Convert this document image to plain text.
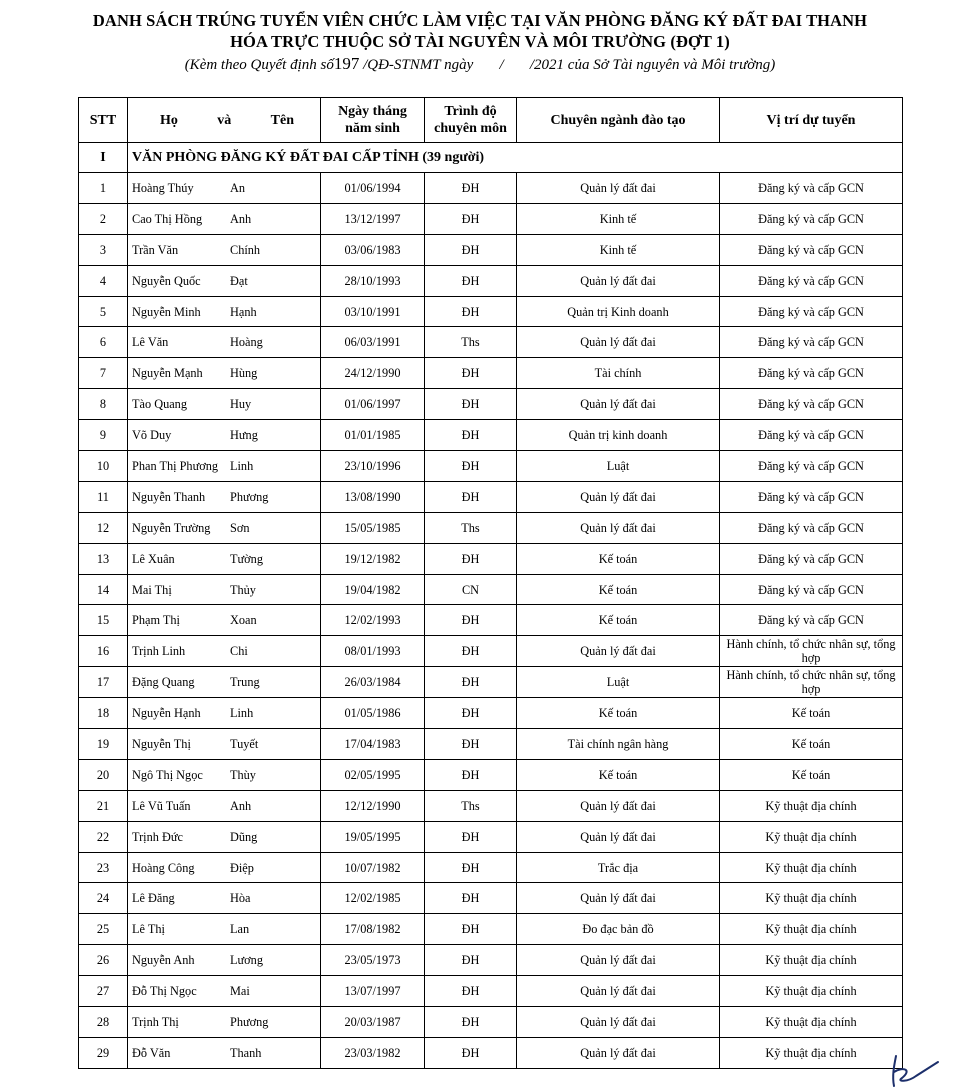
DANH SÁCH TRÚNG TUYỂN VIÊN CHỨC LÀM VIỆC TẠI VĂN PHÒNG ĐĂNG KÝ ĐẤT ĐAI THANH
HÓA TRỰC THUỘC SỞ TÀI NGUYÊN VÀ MÔI TRƯỜNG (ĐỢT 1)
(Kèm theo Quyết định số197 /QĐ-STNMT ngày       /       /2021 của Sở Tài nguyên và Môi trường)
STT	Họ và Tên	Ngày tháng năm sinh	Trình độ chuyên môn	Chuyên ngành đào tạo	Vị trí dự tuyển
I	VĂN PHÒNG ĐĂNG KÝ ĐẤT ĐAI CẤP TỈNH (39 người)				
1	Hoàng Thúy An	01/06/1994	ĐH	Quản lý đất đai	Đăng ký và cấp GCN
2	Cao Thị Hồng Anh	13/12/1997	ĐH	Kinh tế	Đăng ký và cấp GCN
3	Trần Văn Chính	03/06/1983	ĐH	Kinh tế	Đăng ký và cấp GCN
4	Nguyễn Quốc Đạt	28/10/1993	ĐH	Quản lý đất đai	Đăng ký và cấp GCN
5	Nguyễn Minh Hạnh	03/10/1991	ĐH	Quản trị Kinh doanh	Đăng ký và cấp GCN
6	Lê Văn Hoàng	06/03/1991	Ths	Quản lý đất đai	Đăng ký và cấp GCN
7	Nguyễn Mạnh Hùng	24/12/1990	ĐH	Tài chính	Đăng ký và cấp GCN
8	Tào Quang Huy	01/06/1997	ĐH	Quản lý đất đai	Đăng ký và cấp GCN
9	Võ Duy Hưng	01/01/1985	ĐH	Quản trị kinh doanh	Đăng ký và cấp GCN
10	Phan Thị Phương Linh	23/10/1996	ĐH	Luật	Đăng ký và cấp GCN
11	Nguyễn Thanh Phương	13/08/1990	ĐH	Quản lý đất đai	Đăng ký và cấp GCN
12	Nguyễn Trường Sơn	15/05/1985	Ths	Quản lý đất đai	Đăng ký và cấp GCN
13	Lê Xuân Tường	19/12/1982	ĐH	Kế toán	Đăng ký và cấp GCN
14	Mai Thị Thủy	19/04/1982	CN	Kế toán	Đăng ký và cấp GCN
15	Phạm Thị Xoan	12/02/1993	ĐH	Kế toán	Đăng ký và cấp GCN
16	Trịnh Linh Chi	08/01/1993	ĐH	Quản lý đất đai	Hành chính, tổ chức nhân sự, tổng hợp
17	Đặng Quang Trung	26/03/1984	ĐH	Luật	Hành chính, tổ chức nhân sự, tổng hợp
18	Nguyễn Hạnh Linh	01/05/1986	ĐH	Kế toán	Kế toán
19	Nguyễn Thị Tuyết	17/04/1983	ĐH	Tài chính ngân hàng	Kế toán
20	Ngô Thị Ngọc Thùy	02/05/1995	ĐH	Kế toán	Kế toán
21	Lê Vũ Tuấn Anh	12/12/1990	Ths	Quản lý đất đai	Kỹ thuật địa chính
22	Trịnh Đức Dũng	19/05/1995	ĐH	Quản lý đất đai	Kỹ thuật địa chính
23	Hoàng Công Điệp	10/07/1982	ĐH	Trắc địa	Kỹ thuật địa chính
24	Lê Đăng Hòa	12/02/1985	ĐH	Quản lý đất đai	Kỹ thuật địa chính
25	Lê Thị Lan	17/08/1982	ĐH	Đo đạc bản đồ	Kỹ thuật địa chính
26	Nguyễn Anh Lương	23/05/1973	ĐH	Quản lý đất đai	Kỹ thuật địa chính
27	Đỗ Thị Ngọc Mai	13/07/1997	ĐH	Quản lý đất đai	Kỹ thuật địa chính
28	Trịnh Thị Phương	20/03/1987	ĐH	Quản lý đất đai	Kỹ thuật địa chính
29	Đỗ Văn Thanh	23/03/1982	ĐH	Quản lý đất đai	Kỹ thuật địa chính
